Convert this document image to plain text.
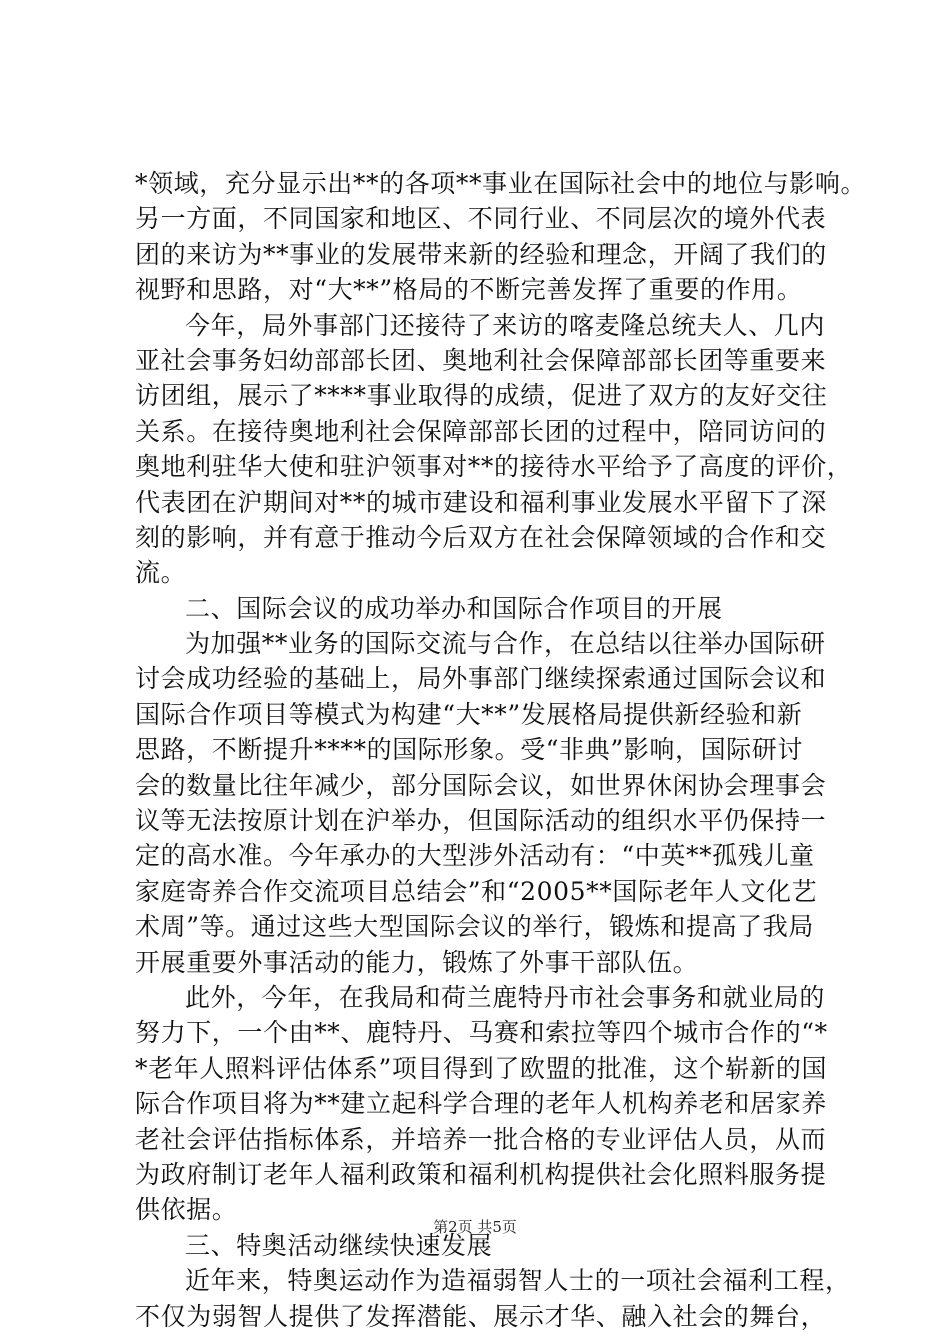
*领域，充分显示出**的各项**事业在国际社会中的地位与影响。
另一方面，不同国家和地区、不同行业、不同层次的境外代表
团的来访为**事业的发展带来新的经验和理念，开阔了我们的
视野和思路，对“大**”格局的不断完善发挥了重要的作用。
今年，局外事部门还接待了来访的喀麦隆总统夫人、几内
亚社会事务妇幼部部长团、奥地利社会保障部部长团等重要来
访团组，展示了****事业取得的成绩，促进了双方的友好交往
关系。在接待奥地利社会保障部部长团的过程中，陪同访问的
奥地利驻华大使和驻沪领事对**的接待水平给予了高度的评价，
代表团在沪期间对**的城市建设和福利事业发展水平留下了深
刻的影响，并有意于推动今后双方在社会保障领域的合作和交
流。
二、国际会议的成功举办和国际合作项目的开展
为加强**业务的国际交流与合作，在总结以往举办国际研
讨会成功经验的基础上，局外事部门继续探索通过国际会议和
国际合作项目等模式为构建“大**”发展格局提供新经验和新
思路，不断提升****的国际形象。受“非典”影响，国际研讨
会的数量比往年减少，部分国际会议，如世界休闲协会理事会
议等无法按原计划在沪举办，但国际活动的组织水平仍保持一
定的高水准。今年承办的大型涉外活动有：“中英**孤残儿童
家庭寄养合作交流项目总结会”和“2005**国际老年人文化艺
术周”等。通过这些大型国际会议的举行，锻炼和提高了我局
开展重要外事活动的能力，锻炼了外事干部队伍。
此外，今年，在我局和荷兰鹿特丹市社会事务和就业局的
努力下，一个由**、鹿特丹、马赛和索拉等四个城市合作的“*
*老年人照料评估体系”项目得到了欧盟的批准，这个崭新的国
际合作项目将为**建立起科学合理的老年人机构养老和居家养
老社会评估指标体系，并培养一批合格的专业评估人员，从而
为政府制订老年人福利政策和福利机构提供社会化照料服务提
供依据。
三、特奥活动继续快速发展
近年来，特奥运动作为造福弱智人士的一项社会福利工程，
不仅为弱智人提供了发挥潜能、展示才华、融入社会的舞台，
第2页 共5页
